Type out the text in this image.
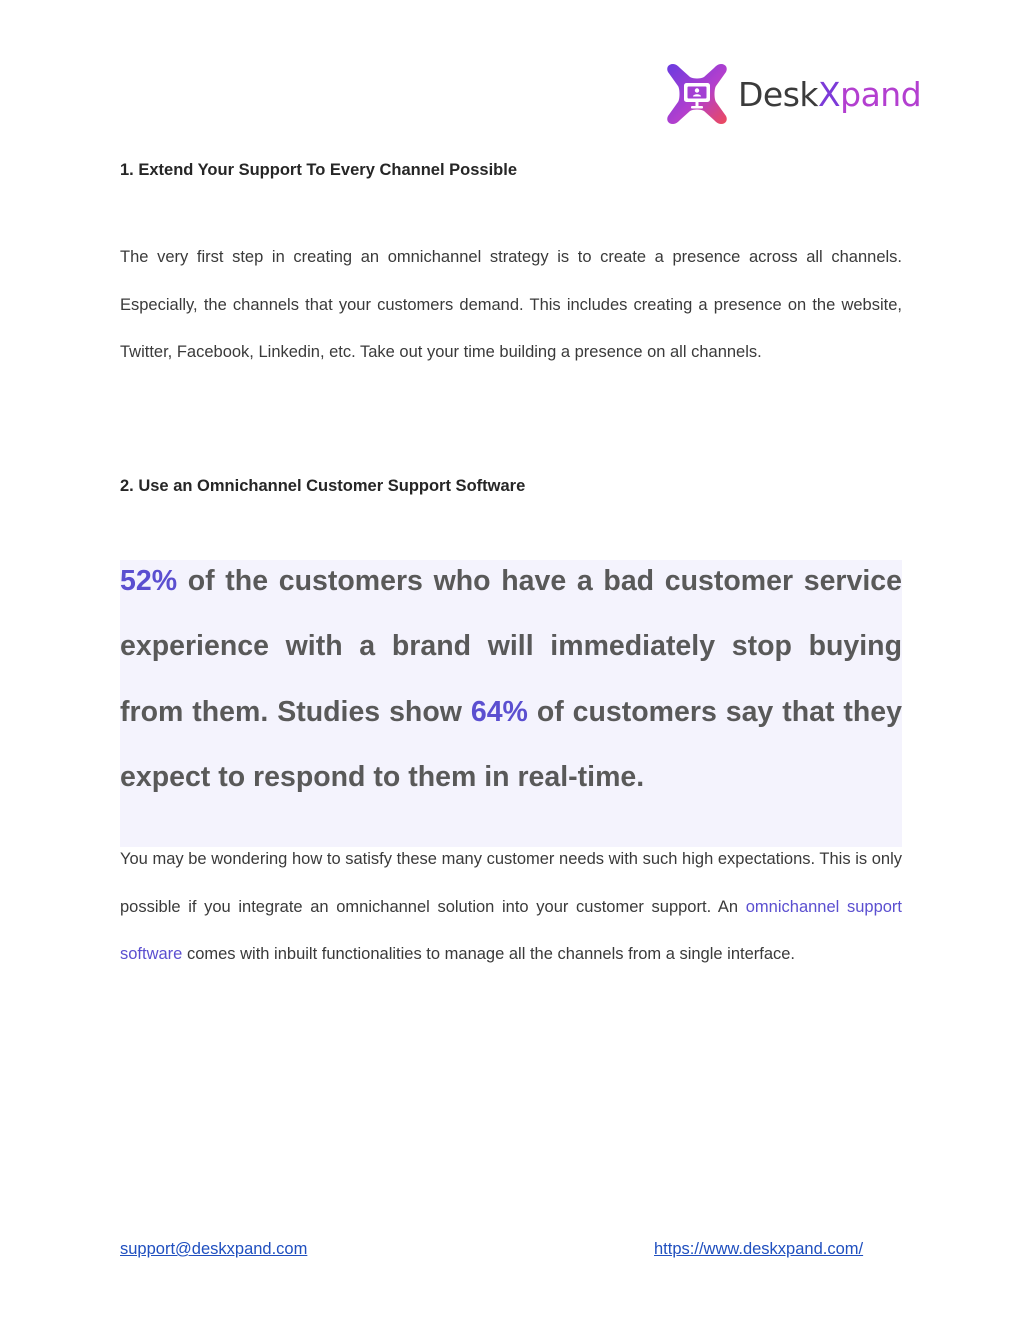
DeskXpand
1. Extend Your Support To Every Channel Possible

The very first step in creating an omnichannel strategy is to create a presence across all channels. Especially, the channels that your customers demand. This includes creating a presence on the website, Twitter, Facebook, Linkedin, etc. Take out your time building a presence on all channels.

2. Use an Omnichannel Customer Support Software

52% of the customers who have a bad customer service experience with a brand will immediately stop buying from them. Studies show 64% of customers say that they expect to respond to them in real-time.

You may be wondering how to satisfy these many customer needs with such high expectations. This is only possible if you integrate an omnichannel solution into your customer support. An omnichannel support software comes with inbuilt functionalities to manage all the channels from a single interface.

support@deskxpand.com	https://www.deskxpand.com/
